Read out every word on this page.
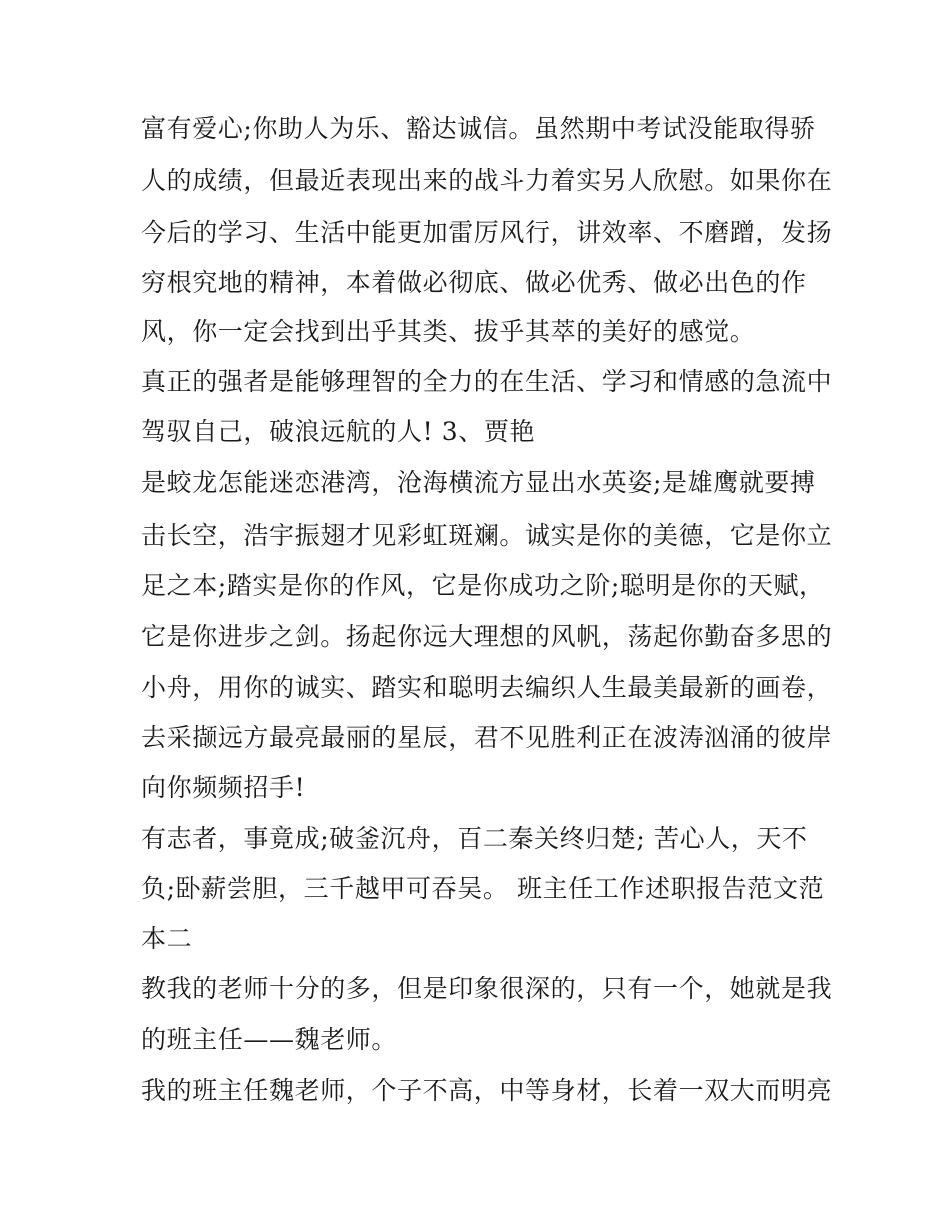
富有爱心;你助人为乐、豁达诚信。虽然期中考试没能取得骄
人的成绩，但最近表现出来的战斗力着实另人欣慰。如果你在
今后的学习、生活中能更加雷厉风行，讲效率、不磨蹭，发扬
穷根究地的精神，本着做必彻底、做必优秀、做必出色的作
风，你一定会找到出乎其类、拔乎其萃的美好的感觉。
真正的强者是能够理智的全力的在生活、学习和情感的急流中
驾驭自己，破浪远航的人! 3、贾艳
是蛟龙怎能迷恋港湾，沧海横流方显出水英姿;是雄鹰就要搏
击长空，浩宇振翅才见彩虹斑斓。诚实是你的美德，它是你立
足之本;踏实是你的作风，它是你成功之阶;聪明是你的天赋，
它是你进步之剑。扬起你远大理想的风帆，荡起你勤奋多思的
小舟，用你的诚实、踏实和聪明去编织人生最美最新的画卷，
去采撷远方最亮最丽的星辰，君不见胜利正在波涛汹涌的彼岸
向你频频招手!
有志者，事竟成;破釜沉舟，百二秦关终归楚; 苦心人，天不
负;卧薪尝胆，三千越甲可吞吴。 班主任工作述职报告范文范
本二
教我的老师十分的多，但是印象很深的，只有一个，她就是我
的班主任——魏老师。
我的班主任魏老师，个子不高，中等身材，长着一双大而明亮
